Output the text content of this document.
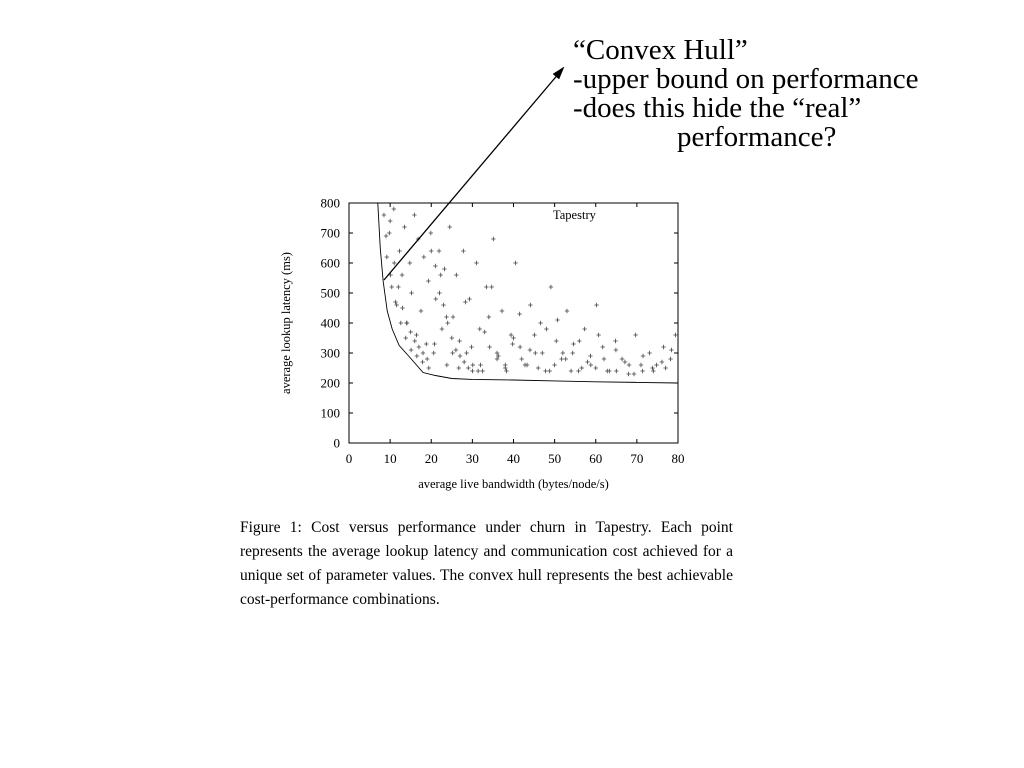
“Convex Hull”
-upper bound on performance
-does this hide the “real”
performance?
0 10 20 30 40 50 60 70 80
0
100
200
300
400
500
600
700
800
average live bandwidth (bytes/node/s)
average lookup latency (ms)
Tapestry
Figure 1: Cost versus performance under churn in Tapestry. Each point represents the average lookup latency and communication cost achieved for a unique set of parameter values. The convex hull represents the best achievable cost-performance combinations.
